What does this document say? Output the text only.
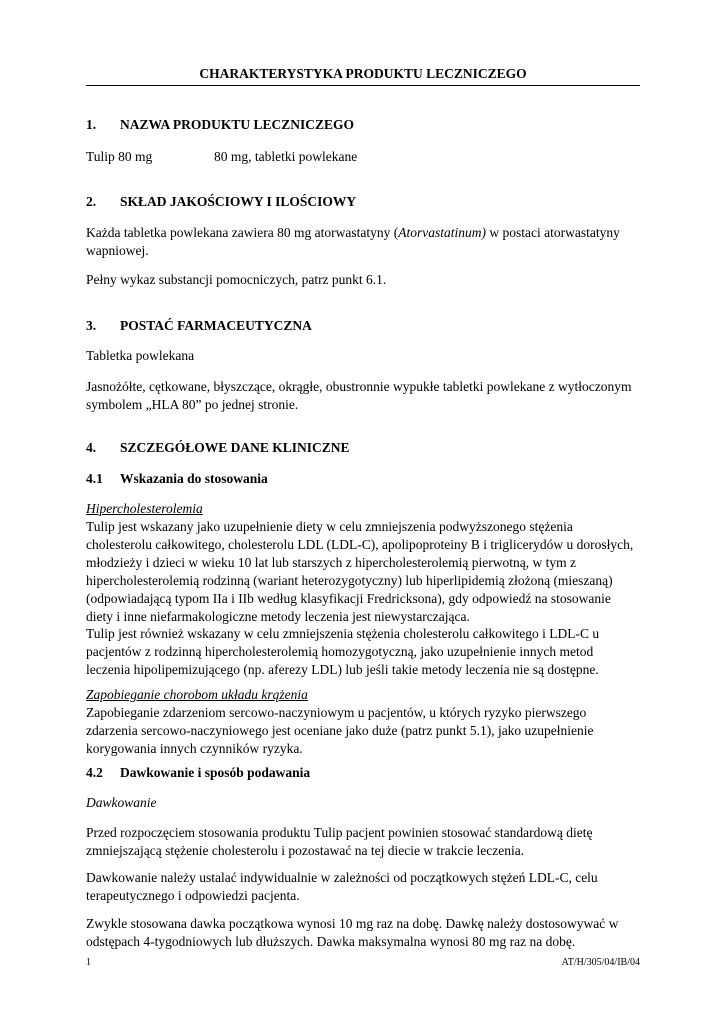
CHARAKTERYSTYKA PRODUKTU LECZNICZEGO
1. NAZWA PRODUKTU LECZNICZEGO
Tulip 80 mg	80 mg, tabletki powlekane
2. SKŁAD JAKOŚCIOWY I ILOŚCIOWY
Każda tabletka powlekana zawiera 80 mg atorwastatyny (Atorvastatinum) w postaci atorwastatyny wapniowej.
Pełny wykaz substancji pomocniczych, patrz punkt 6.1.
3. POSTAĆ FARMACEUTYCZNA
Tabletka powlekana
Jasnożółte, cętkowane, błyszczące, okrągłe, obustronnie wypukłe tabletki powlekane z wytłoczonym symbolem „HLA 80” po jednej stronie.
4. SZCZEGÓŁOWE DANE KLINICZNE
4.1 Wskazania do stosowania
Hipercholesterolemia
Tulip jest wskazany jako uzupełnienie diety w celu zmniejszenia podwyższonego stężenia cholesterolu całkowitego, cholesterolu LDL (LDL-C), apolipoproteiny B i triglicerydów u dorosłych, młodzieży i dzieci w wieku 10 lat lub starszych z hipercholesterolemią pierwotną, w tym z hipercholesterolemią rodzinną (wariant heterozygotyczny) lub hiperlipidemią złożoną (mieszaną) (odpowiadającą typom IIa i IIb według klasyfikacji Fredricksona), gdy odpowiedź na stosowanie diety i inne niefarmakologiczne metody leczenia jest niewystarczająca.
Tulip jest również wskazany w celu zmniejszenia stężenia cholesterolu całkowitego i LDL-C u pacjentów z rodzinną hipercholesterolemią homozygotyczną, jako uzupełnienie innych metod leczenia hipolipemizującego (np. aferezy LDL) lub jeśli takie metody leczenia nie są dostępne.
Zapobieganie chorobom układu krążenia
Zapobieganie zdarzeniom sercowo-naczyniowym u pacjentów, u których ryzyko pierwszego zdarzenia sercowo-naczyniowego jest oceniane jako duże (patrz punkt 5.1), jako uzupełnienie korygowania innych czynników ryzyka.
4.2 Dawkowanie i sposób podawania
Dawkowanie
Przed rozpoczęciem stosowania produktu Tulip pacjent powinien stosować standardową dietę zmniejszającą stężenie cholesterolu i pozostawać na tej diecie w trakcie leczenia.
Dawkowanie należy ustalać indywidualnie w zależności od początkowych stężeń LDL-C, celu terapeutycznego i odpowiedzi pacjenta.
Zwykle stosowana dawka początkowa wynosi 10 mg raz na dobę. Dawkę należy dostosowywać w odstępach 4-tygodniowych lub dłuższych. Dawka maksymalna wynosi 80 mg raz na dobę.
1	AT/H/305/04/IB/04
